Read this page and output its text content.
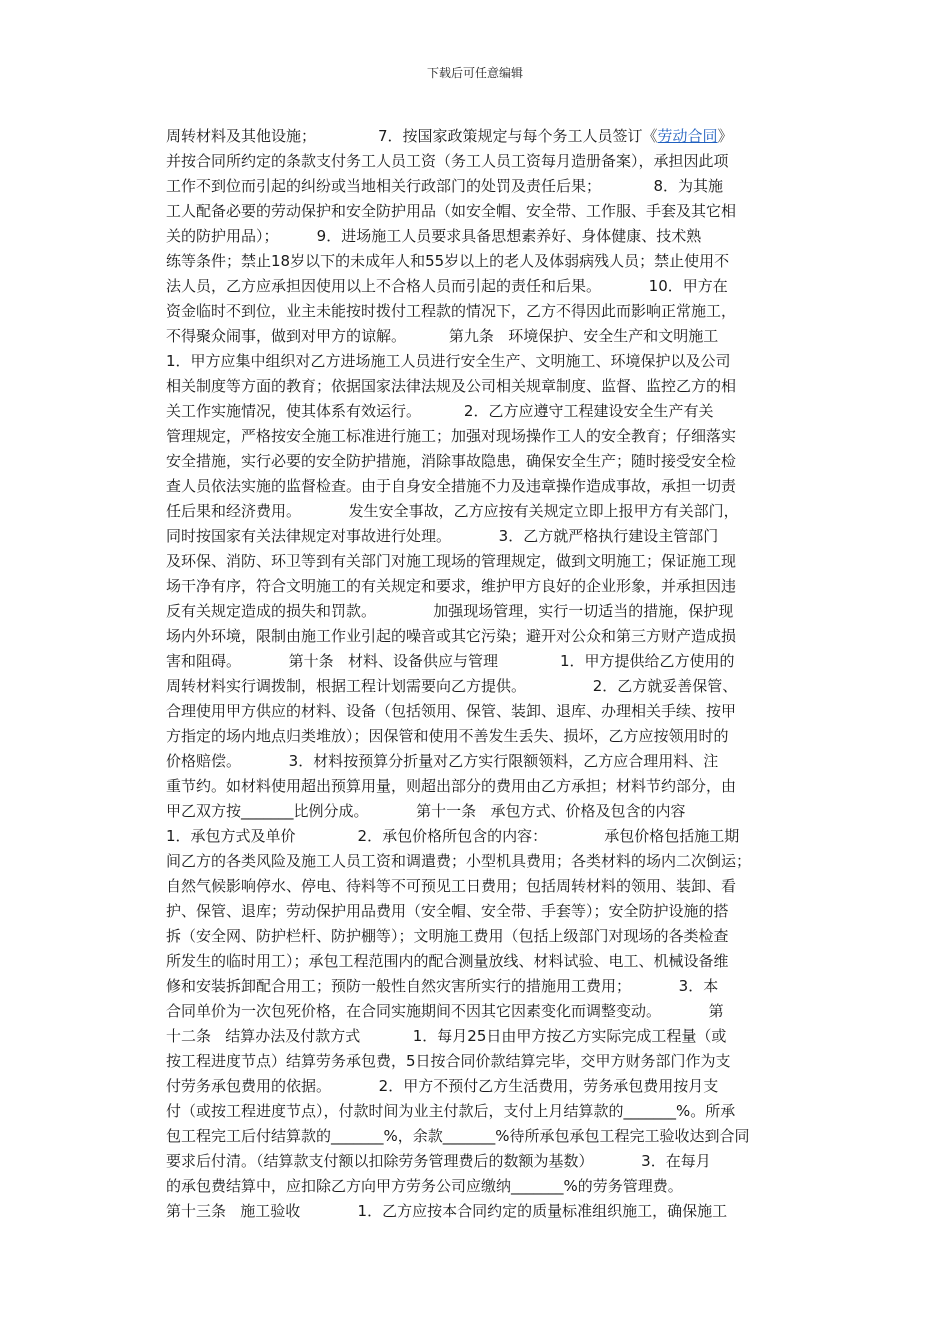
下载后可任意编辑
周转材料及其他设施；             7．按国家政策规定与每个务工人员签订《劳动合同》
并按合同所约定的条款支付务工人员工资（务工人员工资每月造册备案），承担因此项
工作不到位而引起的纠纷或当地相关行政部门的处罚及责任后果；           8．为其施
工人配备必要的劳动保护和安全防护用品（如安全帽、安全带、工作服、手套及其它相
关的防护用品）；        9．进场施工人员要求具备思想素养好、身体健康、技术熟
练等条件；禁止18岁以下的未成年人和55岁以上的老人及体弱病残人员；禁止使用不
法人员，乙方应承担因使用以上不合格人员而引起的责任和后果。          10．甲方在
资金临时不到位，业主未能按时拨付工程款的情况下，乙方不得因此而影响正常施工，
不得聚众闹事，做到对甲方的谅解。         第九条   环境保护、安全生产和文明施工
1．甲方应集中组织对乙方进场施工人员进行安全生产、文明施工、环境保护以及公司
相关制度等方面的教育；依据国家法律法规及公司相关规章制度、监督、监控乙方的相
关工作实施情况，使其体系有效运行。         2．乙方应遵守工程建设安全生产有关
管理规定，严格按安全施工标准进行施工；加强对现场操作工人的安全教育；仔细落实
安全措施，实行必要的安全防护措施，消除事故隐患，确保安全生产；随时接受安全检
查人员依法实施的监督检查。由于自身安全措施不力及违章操作造成事故，承担一切责
任后果和经济费用。          发生安全事故，乙方应按有关规定立即上报甲方有关部门，
同时按国家有关法律规定对事故进行处理。          3．乙方就严格执行建设主管部门
及环保、消防、环卫等到有关部门对施工现场的管理规定，做到文明施工；保证施工现
场干净有序，符合文明施工的有关规定和要求，维护甲方良好的企业形象，并承担因违
反有关规定造成的损失和罚款。            加强现场管理，实行一切适当的措施，保护现
场内外环境，限制由施工作业引起的噪音或其它污染；避开对公众和第三方财产造成损
害和阻碍。          第十条   材料、设备供应与管理             1．甲方提供给乙方使用的
周转材料实行调拨制，根据工程计划需要向乙方提供。              2．乙方就妥善保管、
合理使用甲方供应的材料、设备（包括领用、保管、装卸、退库、办理相关手续、按甲
方指定的场内地点归类堆放）；因保管和使用不善发生丢失、损坏，乙方应按领用时的
价格赔偿。          3．材料按预算分折量对乙方实行限额领料，乙方应合理用料、注
重节约。如材料使用超出预算用量，则超出部分的费用由乙方承担；材料节约部分，由
甲乙双方按_______比例分成。          第十一条   承包方式、价格及包含的内容
1．承包方式及单价             2．承包价格所包含的内容：            承包价格包括施工期
间乙方的各类风险及施工人员工资和调遣费；小型机具费用；各类材料的场内二次倒运；
自然气候影响停水、停电、待料等不可预见工日费用；包括周转材料的领用、装卸、看
护、保管、退库；劳动保护用品费用（安全帽、安全带、手套等）；安全防护设施的搭
拆（安全网、防护栏杆、防护棚等）；文明施工费用（包括上级部门对现场的各类检查
所发生的临时用工）；承包工程范围内的配合测量放线、材料试验、电工、机械设备维
修和安装拆卸配合用工；预防一般性自然灾害所实行的措施用工费用；          3．本
合同单价为一次包死价格，在合同实施期间不因其它因素变化而调整变动。          第
十二条   结算办法及付款方式           1．每月25日由甲方按乙方实际完成工程量（或
按工程进度节点）结算劳务承包费，5日按合同价款结算完毕，交甲方财务部门作为支
付劳务承包费用的依据。          2．甲方不预付乙方生活费用，劳务承包费用按月支
付（或按工程进度节点），付款时间为业主付款后，支付上月结算款的_______%。所承
包工程完工后付结算款的_______%，余款_______%待所承包承包工程完工验收达到合同
要求后付清。（结算款支付额以扣除劳务管理费后的数额为基数）          3．在每月
的承包费结算中，应扣除乙方向甲方劳务公司应缴纳_______%的劳务管理费。
第十三条   施工验收            1．乙方应按本合同约定的质量标准组织施工，确保施工
